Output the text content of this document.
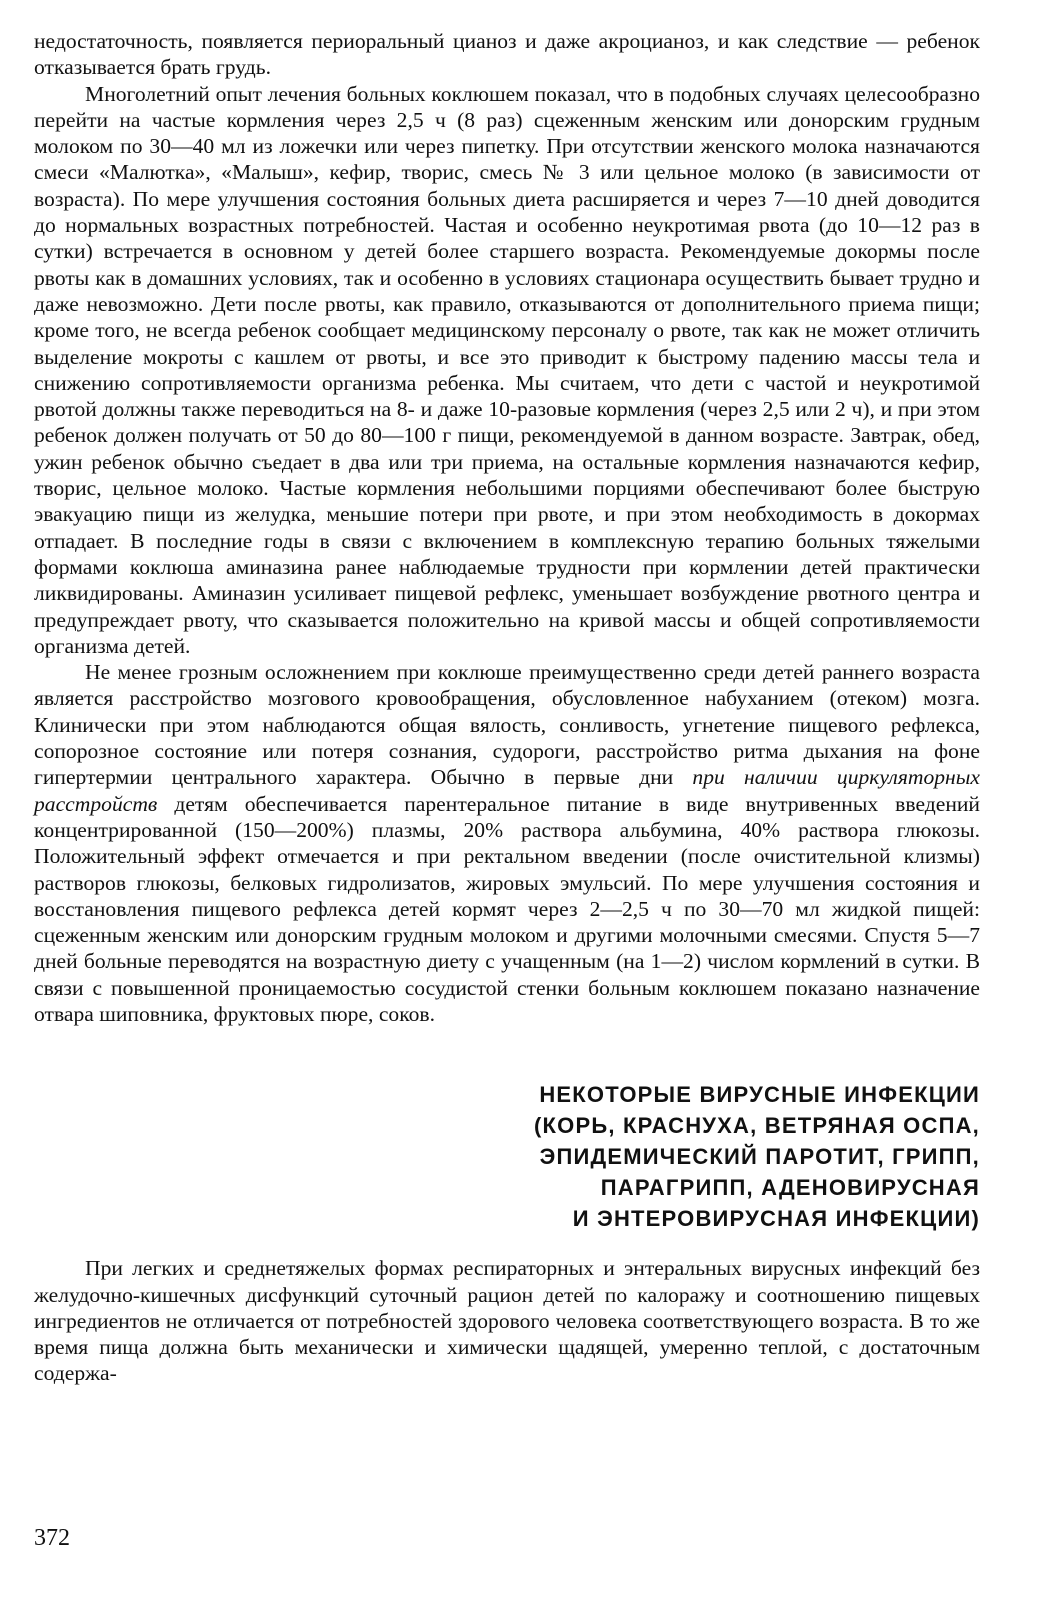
недостаточность, появляется периоральный цианоз и даже акроцианоз, и как следствие — ребенок отказывается брать грудь.

Многолетний опыт лечения больных коклюшем показал, что в подобных случаях целесообразно перейти на частые кормления через 2,5 ч (8 раз) сцеженным женским или донорским грудным молоком по 30—40 мл из ложечки или через пипетку. При отсутствии женского молока назначаются смеси «Малютка», «Малыш», кефир, творис, смесь № 3 или цельное молоко (в зависимости от возраста). По мере улучшения состояния больных диета расширяется и через 7—10 дней доводится до нормальных возрастных потребностей. Частая и особенно неукротимая рвота (до 10—12 раз в сутки) встречается в основном у детей более старшего возраста. Рекомендуемые докормы после рвоты как в домашних условиях, так и особенно в условиях стационара осуществить бывает трудно и даже невозможно. Дети после рвоты, как правило, отказываются от дополнительного приема пищи; кроме того, не всегда ребенок сообщает медицинскому персоналу о рвоте, так как не может отличить выделение мокроты с кашлем от рвоты, и все это приводит к быстрому падению массы тела и снижению сопротивляемости организма ребенка. Мы считаем, что дети с частой и неукротимой рвотой должны также переводиться на 8- и даже 10-разовые кормления (через 2,5 или 2 ч), и при этом ребенок должен получать от 50 до 80—100 г пищи, рекомендуемой в данном возрасте. Завтрак, обед, ужин ребенок обычно съедает в два или три приема, на остальные кормления назначаются кефир, творис, цельное молоко. Частые кормления небольшими порциями обеспечивают более быструю эвакуацию пищи из желудка, меньшие потери при рвоте, и при этом необходимость в докормах отпадает. В последние годы в связи с включением в комплексную терапию больных тяжелыми формами коклюша аминазина ранее наблюдаемые трудности при кормлении детей практически ликвидированы. Аминазин усиливает пищевой рефлекс, уменьшает возбуждение рвотного центра и предупреждает рвоту, что сказывается положительно на кривой массы и общей сопротивляемости организма детей.

Не менее грозным осложнением при коклюше преимущественно среди детей раннего возраста является расстройство мозгового кровообращения, обусловленное набуханием (отеком) мозга. Клинически при этом наблюдаются общая вялость, сонливость, угнетение пищевого рефлекса, сопорозное состояние или потеря сознания, судороги, расстройство ритма дыхания на фоне гипертермии центрального характера. Обычно в первые дни при наличии циркуляторных расстройств детям обеспечивается парентеральное питание в виде внутривенных введений концентрированной (150—200%) плазмы, 20% раствора альбумина, 40% раствора глюкозы. Положительный эффект отмечается и при ректальном введении (после очистительной клизмы) растворов глюкозы, белковых гидролизатов, жировых эмульсий. По мере улучшения состояния и восстановления пищевого рефлекса детей кормят через 2—2,5 ч по 30—70 мл жидкой пищей: сцеженным женским или донорским грудным молоком и другими молочными смесями. Спустя 5—7 дней больные переводятся на возрастную диету с учащенным (на 1—2) числом кормлений в сутки. В связи с повышенной проницаемостью сосудистой стенки больным коклюшем показано назначение отвара шиповника, фруктовых пюре, соков.

НЕКОТОРЫЕ ВИРУСНЫЕ ИНФЕКЦИИ
(КОРЬ, КРАСНУХА, ВЕТРЯНАЯ ОСПА,
ЭПИДЕМИЧЕСКИЙ ПАРОТИТ, ГРИПП,
ПАРАГРИПП, АДЕНОВИРУСНАЯ
И ЭНТЕРОВИРУСНАЯ ИНФЕКЦИИ)

При легких и среднетяжелых формах респираторных и энтеральных вирусных инфекций без желудочно-кишечных дисфункций суточный рацион детей по калоражу и соотношению пищевых ингредиентов не отличается от потребностей здорового человека соответствующего возраста. В то же время пища должна быть механически и химически щадящей, умеренно теплой, с достаточным содержа-

372
